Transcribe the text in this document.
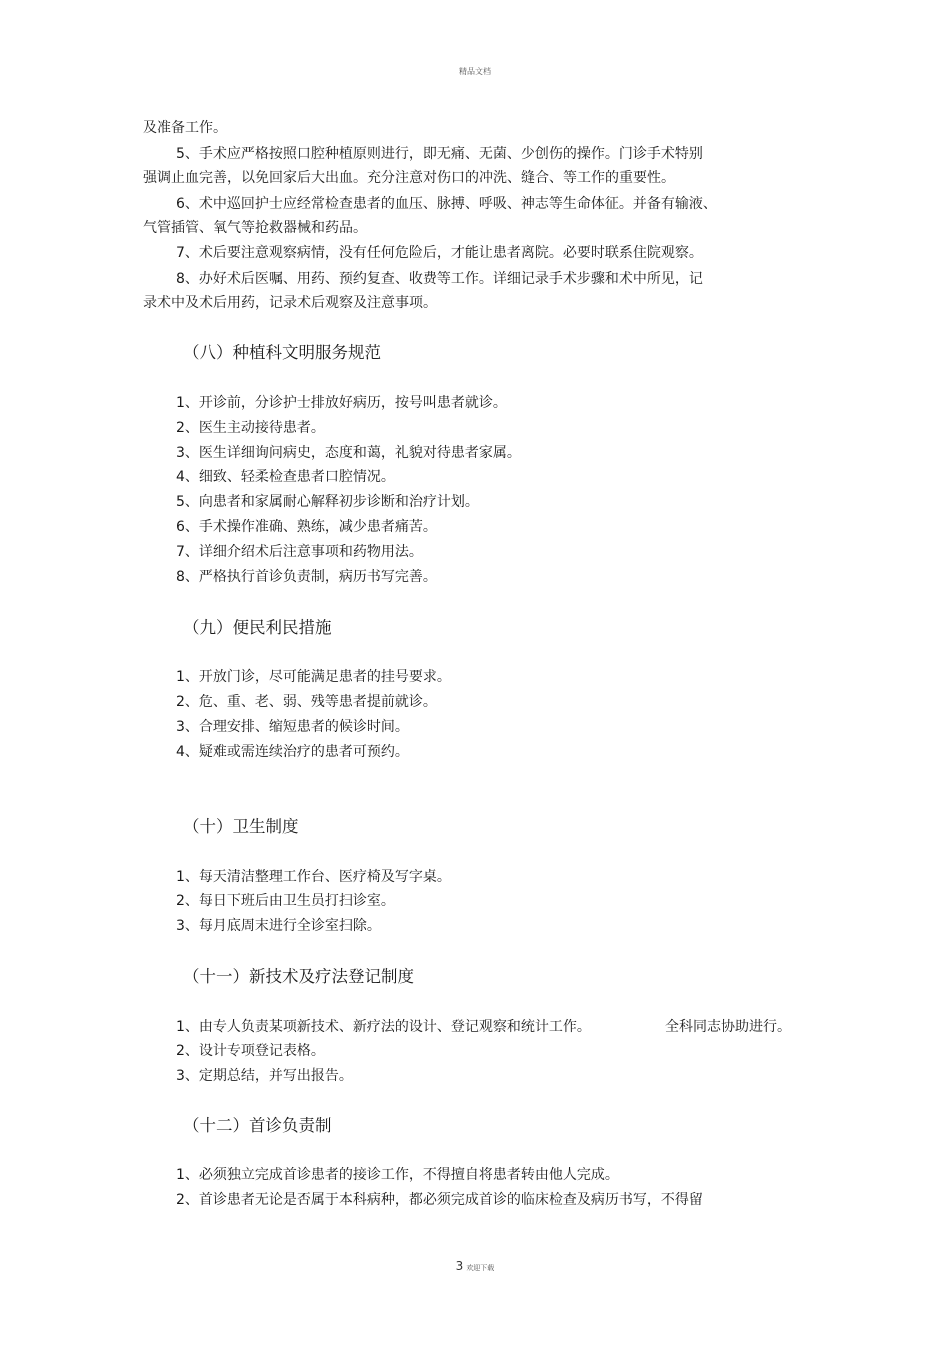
精品文档
及准备工作。
5、手术应严格按照口腔种植原则进行，即无痛、无菌、少创伤的操作。门诊手术特别
强调止血完善，以免回家后大出血。充分注意对伤口的冲洗、缝合、等工作的重要性。
6、术中巡回护士应经常检查患者的血压、脉搏、呼吸、神志等生命体征。并备有输液、
气管插管、氧气等抢救器械和药品。
7、术后要注意观察病情，没有任何危险后，才能让患者离院。必要时联系住院观察。
8、办好术后医嘱、用药、预约复查、收费等工作。详细记录手术步骤和术中所见，记
录术中及术后用药，记录术后观察及注意事项。
（八）种植科文明服务规范
1、开诊前，分诊护士排放好病历，按号叫患者就诊。
2、医生主动接待患者。
3、医生详细询问病史，态度和蔼，礼貌对待患者家属。
4、细致、轻柔检查患者口腔情况。
5、向患者和家属耐心解释初步诊断和治疗计划。
6、手术操作准确、熟练，减少患者痛苦。
7、详细介绍术后注意事项和药物用法。
8、严格执行首诊负责制，病历书写完善。
（九）便民利民措施
1、开放门诊，尽可能满足患者的挂号要求。
2、危、重、老、弱、残等患者提前就诊。
3、合理安排、缩短患者的候诊时间。
4、疑难或需连续治疗的患者可预约。
（十）卫生制度
1、每天清洁整理工作台、医疗椅及写字桌。
2、每日下班后由卫生员打扫诊室。
3、每月底周末进行全诊室扫除。
（十一）新技术及疗法登记制度
1、由专人负责某项新技术、新疗法的设计、登记观察和统计工作。	全科同志协助进行。
2、设计专项登记表格。
3、定期总结，并写出报告。
（十二）首诊负责制
1、必须独立完成首诊患者的接诊工作，不得擅自将患者转由他人完成。
2、首诊患者无论是否属于本科病种，都必须完成首诊的临床检查及病历书写，不得留
3 欢迎下载
